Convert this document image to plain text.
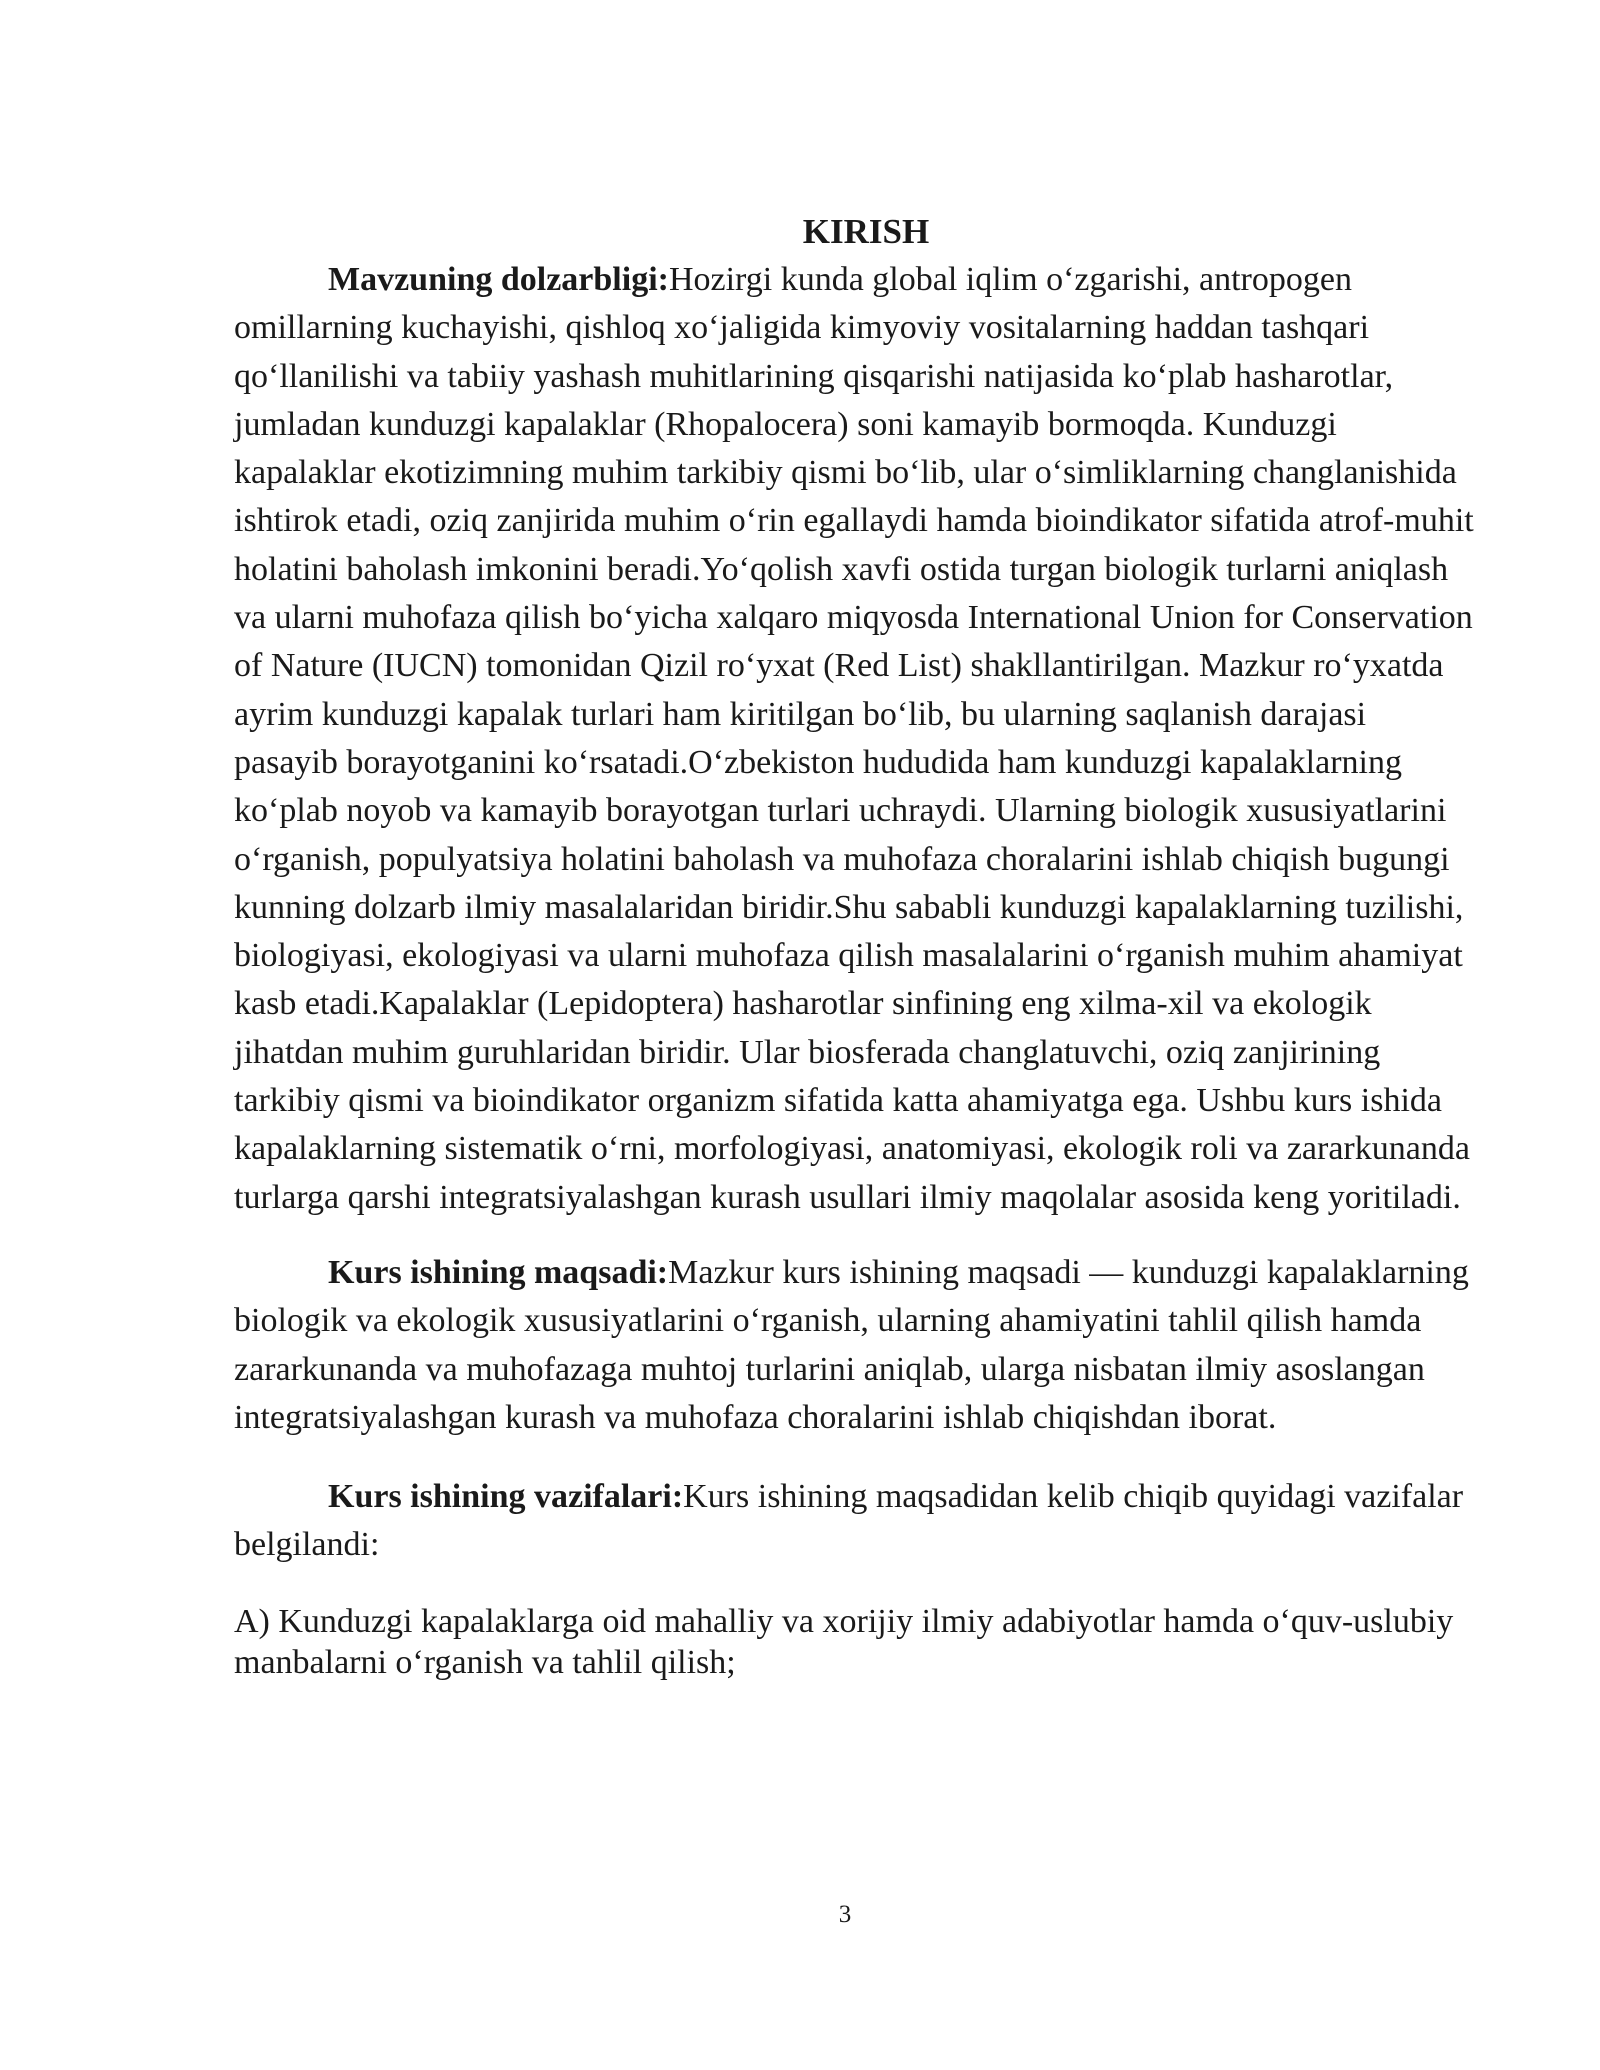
KIRISH

Mavzuning dolzarbligi:Hozirgi kunda global iqlim o‘zgarishi, antropogen omillarning kuchayishi, qishloq xo‘jaligida kimyoviy vositalarning haddan tashqari qo‘llanilishi va tabiiy yashash muhitlarining qisqarishi natijasida ko‘plab hasharotlar, jumladan kunduzgi kapalaklar (Rhopalocera) soni kamayib bormoqda. Kunduzgi kapalaklar ekotizimning muhim tarkibiy qismi bo‘lib, ular o‘simliklarning changlanishida ishtirok etadi, oziq zanjirida muhim o‘rin egallaydi hamda bioindikator sifatida atrof-muhit holatini baholash imkonini beradi.Yo‘qolish xavfi ostida turgan biologik turlarni aniqlash va ularni muhofaza qilish bo‘yicha xalqaro miqyosda International Union for Conservation of Nature (IUCN) tomonidan Qizil ro‘yxat (Red List) shakllantirilgan. Mazkur ro‘yxatda ayrim kunduzgi kapalak turlari ham kiritilgan bo‘lib, bu ularning saqlanish darajasi pasayib borayotganini ko‘rsatadi.O‘zbekiston hududida ham kunduzgi kapalaklarning ko‘plab noyob va kamayib borayotgan turlari uchraydi. Ularning biologik xususiyatlarini o‘rganish, populyatsiya holatini baholash va muhofaza choralarini ishlab chiqish bugungi kunning dolzarb ilmiy masalalaridan biridir.Shu sababli kunduzgi kapalaklarning tuzilishi, biologiyasi, ekologiyasi va ularni muhofaza qilish masalalarini o‘rganish muhim ahamiyat kasb etadi.Kapalaklar (Lepidoptera) hasharotlar sinfining eng xilma-xil va ekologik jihatdan muhim guruhlaridan biridir. Ular biosferada changlatuvchi, oziq zanjirining tarkibiy qismi va bioindikator organizm sifatida katta ahamiyatga ega. Ushbu kurs ishida kapalaklarning sistematik o‘rni, morfologiyasi, anatomiyasi, ekologik roli va zararkunanda turlarga qarshi integratsiyalashgan kurash usullari ilmiy maqolalar asosida keng yoritiladi.

Kurs ishining maqsadi:Mazkur kurs ishining maqsadi — kunduzgi kapalaklarning biologik va ekologik xususiyatlarini o‘rganish, ularning ahamiyatini tahlil qilish hamda zararkunanda va muhofazaga muhtoj turlarini aniqlab, ularga nisbatan ilmiy asoslangan integratsiyalashgan kurash va muhofaza choralarini ishlab chiqishdan iborat.

Kurs ishining vazifalari:Kurs ishining maqsadidan kelib chiqib quyidagi vazifalar belgilandi:

A) Kunduzgi kapalaklarga oid mahalliy va xorijiy ilmiy adabiyotlar hamda o‘quv-uslubiy manbalarni o‘rganish va tahlil qilish;

3
